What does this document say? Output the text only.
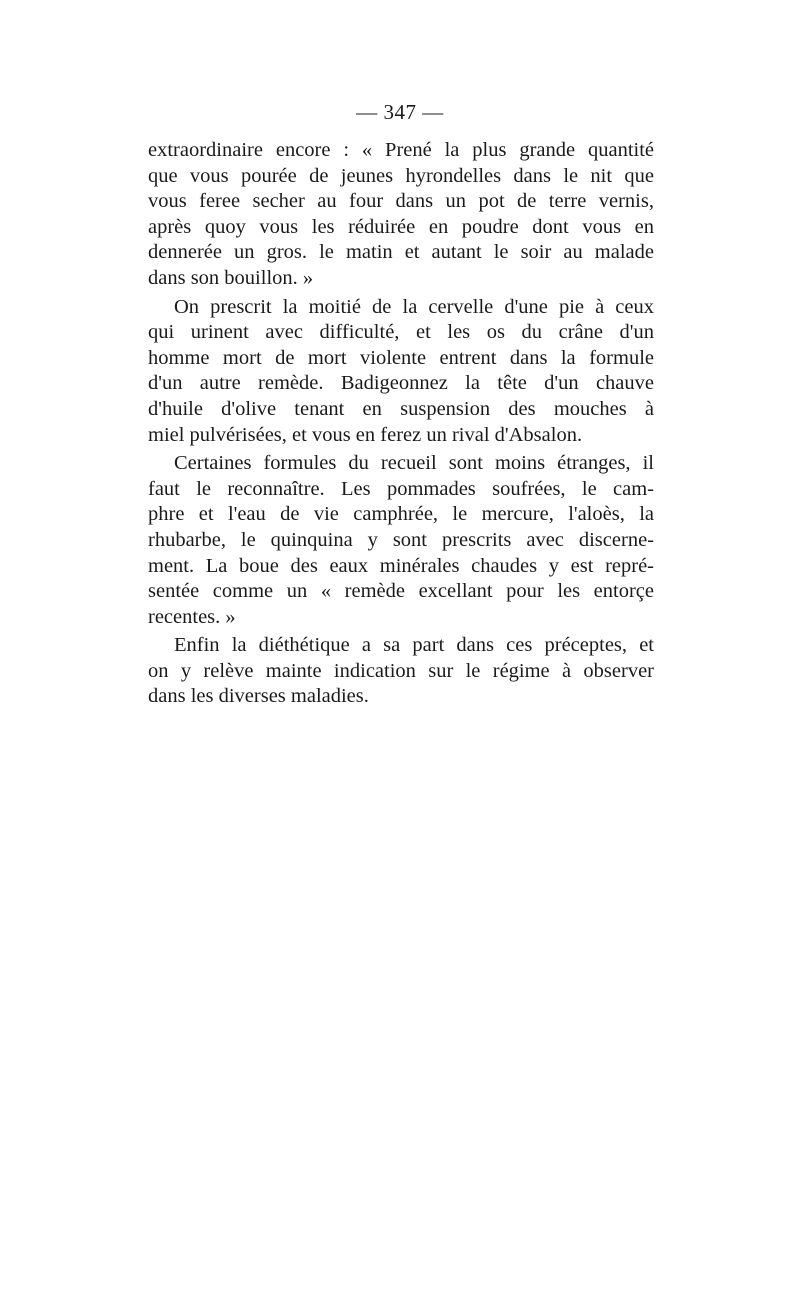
— 347 —
extraordinaire encore : « Prené la plus grande quantité
que vous pourée de jeunes hyrondelles dans le nit que
vous feree secher au four dans un pot de terre vernis,
après quoy vous les réduirée en poudre dont vous en
dennerée un gros. le matin et autant le soir au malade
dans son bouillon. »
On prescrit la moitié de la cervelle d'une pie à ceux
qui urinent avec difficulté, et les os du crâne d'un
homme mort de mort violente entrent dans la formule
d'un autre remède. Badigeonnez la tête d'un chauve
d'huile d'olive tenant en suspension des mouches à
miel pulvérisées, et vous en ferez un rival d'Absalon.
Certaines formules du recueil sont moins étranges, il
faut le reconnaître. Les pommades soufrées, le cam-
phre et l'eau de vie camphrée, le mercure, l'aloès, la
rhubarbe, le quinquina y sont prescrits avec discerne-
ment. La boue des eaux minérales chaudes y est repré-
sentée comme un « remède excellant pour les entorçe
recentes. »
Enfin la diéthétique a sa part dans ces préceptes, et
on y relève mainte indication sur le régime à observer
dans les diverses maladies.
